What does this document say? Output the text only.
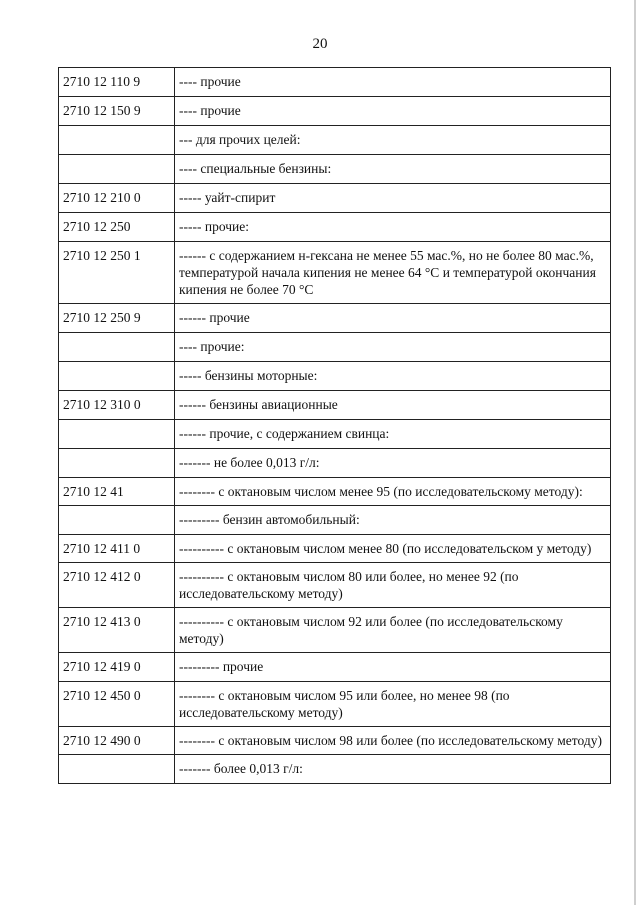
20
2710 12 110 9	---- прочие
2710 12 150 9	---- прочие
	--- для прочих целей:
	---- специальные бензины:
2710 12 210 0	----- уайт-спирит
2710 12 250	----- прочие:
2710 12 250 1	------ с содержанием н-гексана не менее 55 мас.%, но не более 80 мас.%, температурой начала кипения не менее 64 °С и температурой окончания кипения не более 70 °С
2710 12 250 9	------ прочие
	---- прочие:
	----- бензины моторные:
2710 12 310 0	------ бензины авиационные
	------ прочие, с содержанием свинца:
	------- не более 0,013 г/л:
2710 12 41	-------- с октановым числом менее 95 (по исследовательскому методу):
	--------- бензин автомобильный:
2710 12 411 0	---------- с октановым числом менее 80 (по исследовательском у методу)
2710 12 412 0	---------- с октановым числом 80 или более, но менее 92 (по исследовательскому методу)
2710 12 413 0	---------- с октановым числом 92 или более (по исследовательскому методу)
2710 12 419 0	--------- прочие
2710 12 450 0	-------- с октановым числом 95 или более, но менее 98 (по исследовательскому методу)
2710 12 490 0	-------- с октановым числом 98 или более (по исследовательскому методу)
	------- более 0,013 г/л:
